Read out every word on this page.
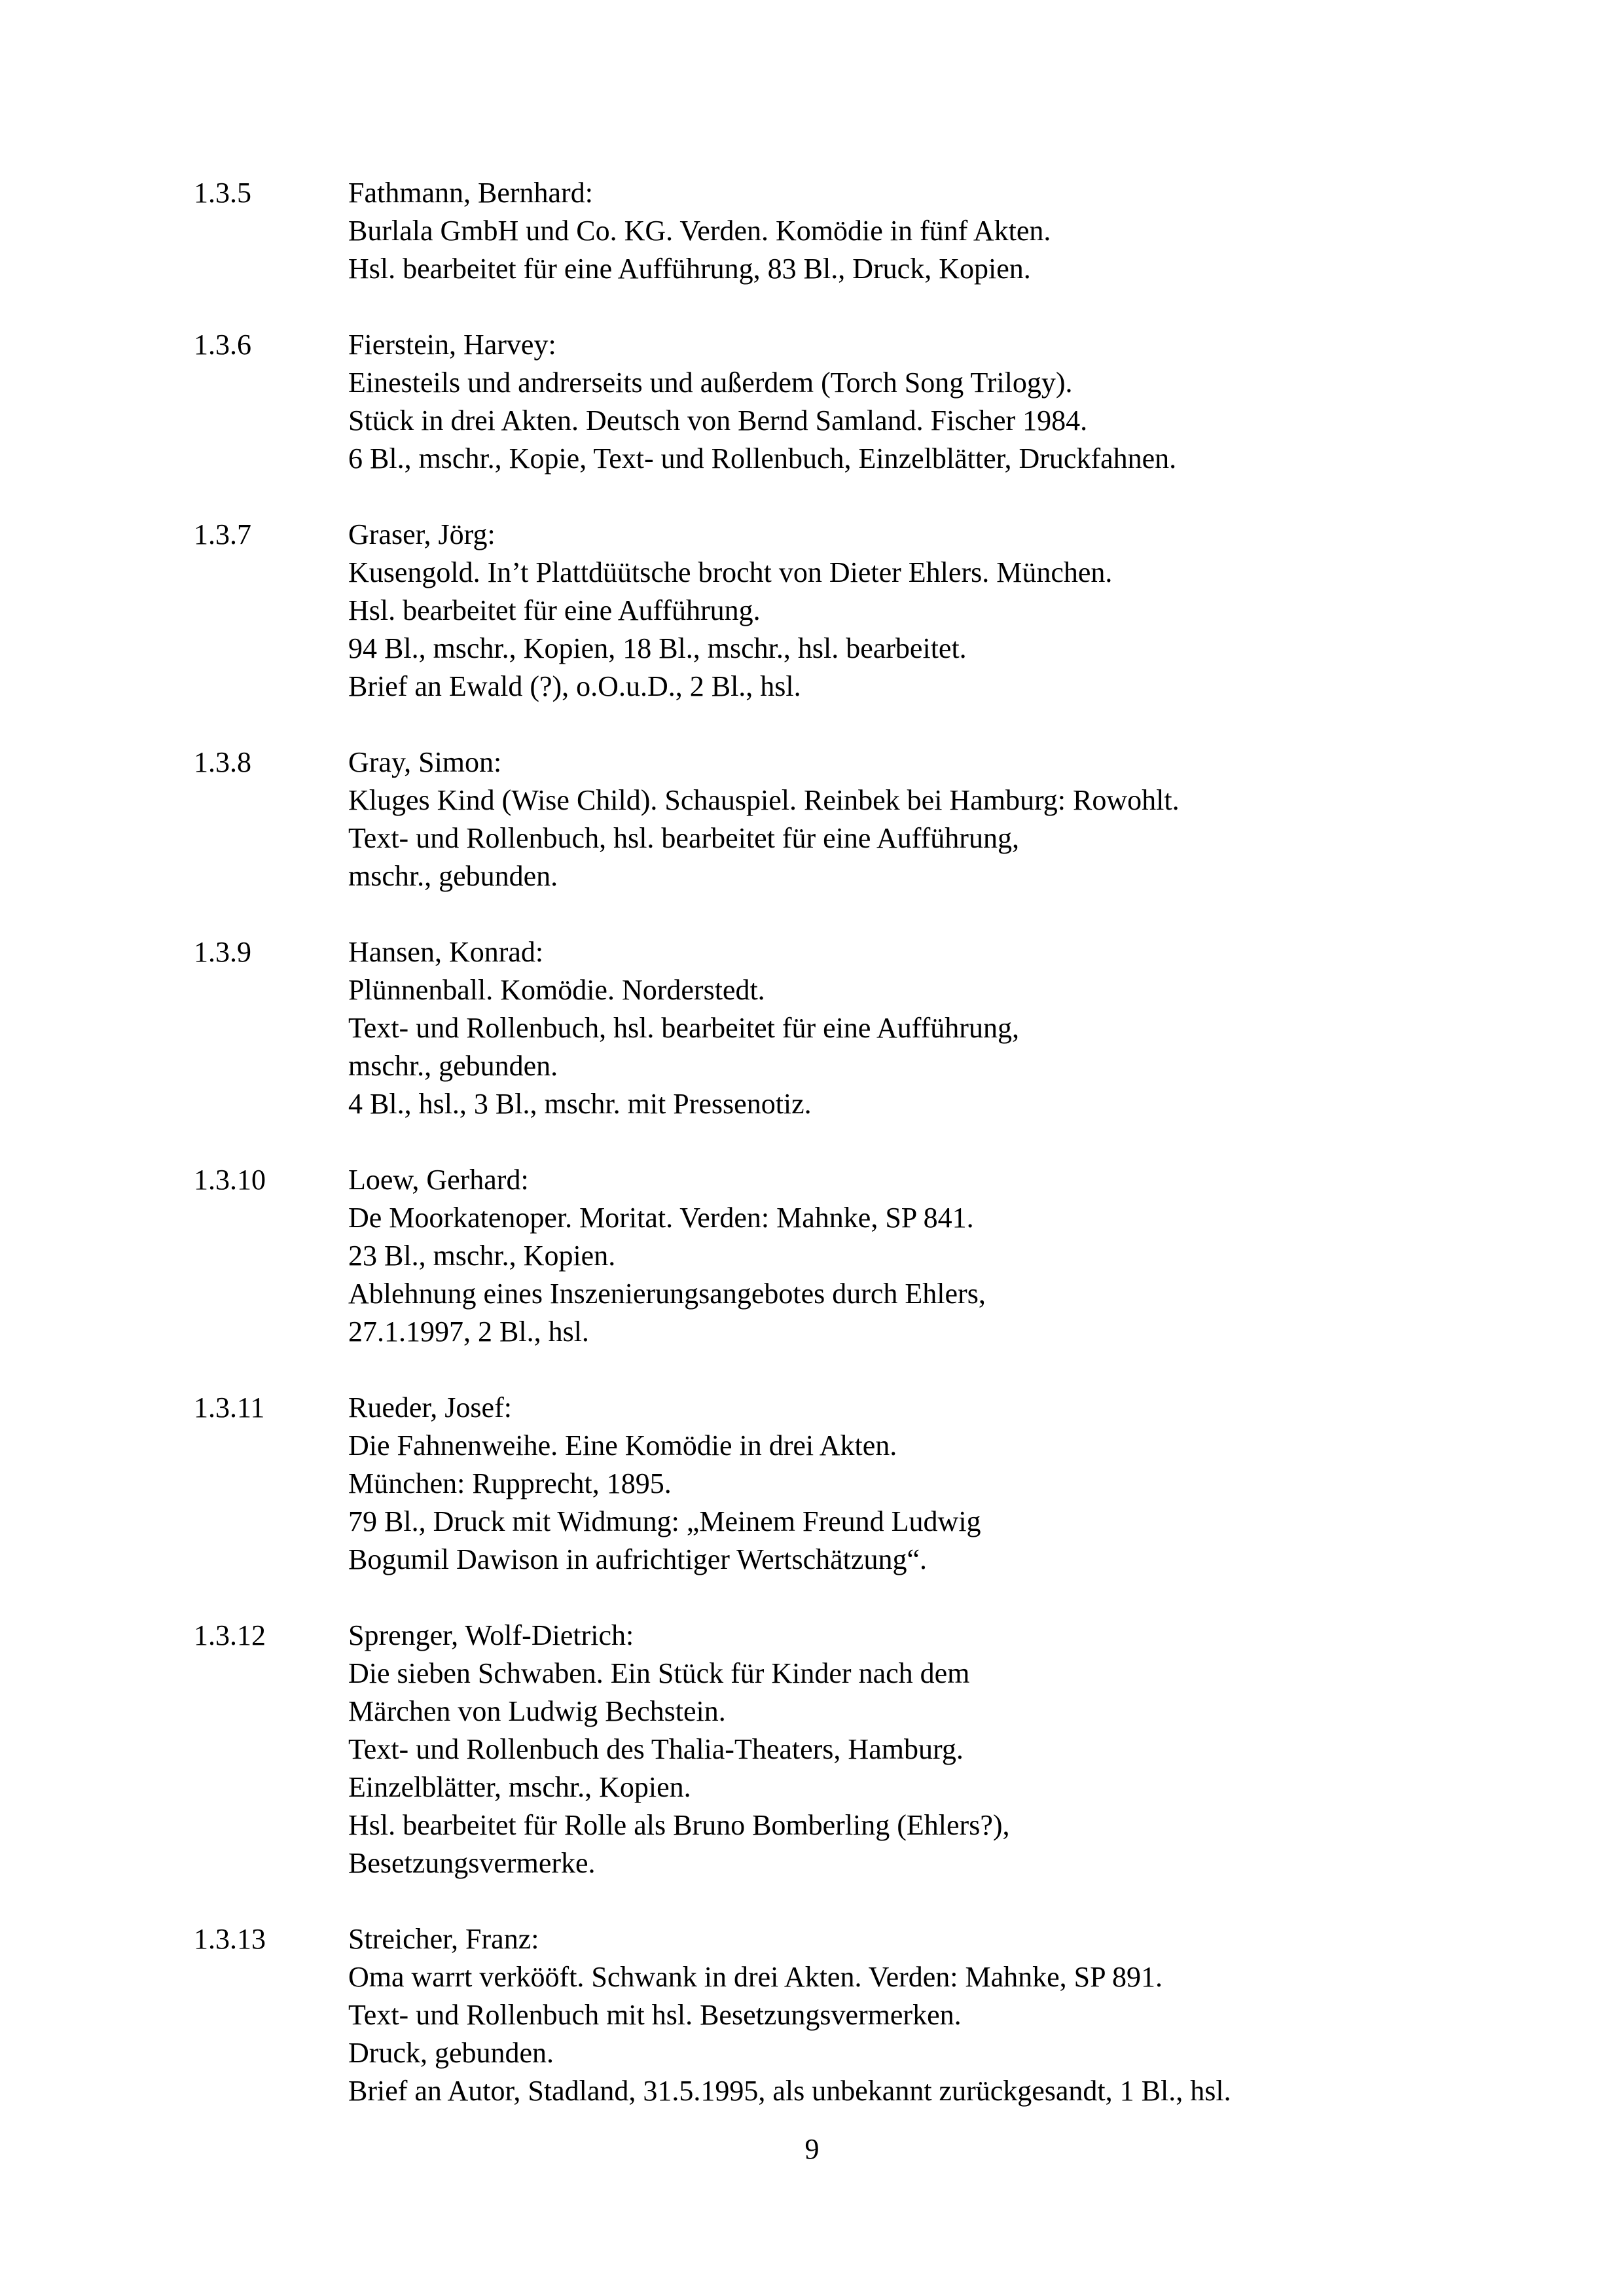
1.3.5	Fathmann, Bernhard:
Burlala GmbH und Co. KG. Verden. Komödie in fünf Akten.
Hsl. bearbeitet für eine Aufführung, 83 Bl., Druck, Kopien.
1.3.6	Fierstein, Harvey:
Einesteils und andrerseits und außerdem (Torch Song Trilogy).
Stück in drei Akten. Deutsch von Bernd Samland. Fischer 1984.
6 Bl., mschr., Kopie, Text- und Rollenbuch, Einzelblätter, Druckfahnen.
1.3.7	Graser, Jörg:
Kusengold. In’t Plattdüütsche brocht von Dieter Ehlers. München.
Hsl. bearbeitet für eine Aufführung.
94 Bl., mschr., Kopien, 18 Bl., mschr., hsl. bearbeitet.
Brief an Ewald (?), o.O.u.D., 2 Bl., hsl.
1.3.8	Gray, Simon:
Kluges Kind (Wise Child). Schauspiel. Reinbek bei Hamburg: Rowohlt.
Text- und Rollenbuch, hsl. bearbeitet für eine Aufführung,
mschr., gebunden.
1.3.9	Hansen, Konrad:
Plünnenball. Komödie. Norderstedt.
Text- und Rollenbuch, hsl. bearbeitet für eine Aufführung,
mschr., gebunden.
4 Bl., hsl., 3 Bl., mschr. mit Pressenotiz.
1.3.10	Loew, Gerhard:
De Moorkatenoper. Moritat. Verden: Mahnke, SP 841.
23 Bl., mschr., Kopien.
Ablehnung eines Inszenierungsangebotes durch Ehlers,
27.1.1997, 2 Bl., hsl.
1.3.11	Rueder, Josef:
Die Fahnenweihe. Eine Komödie in drei Akten.
München: Rupprecht, 1895.
79 Bl., Druck mit Widmung: „Meinem Freund Ludwig
Bogumil Dawison in aufrichtiger Wertschätzung“.
1.3.12	Sprenger, Wolf-Dietrich:
Die sieben Schwaben. Ein Stück für Kinder nach dem
Märchen von Ludwig Bechstein.
Text- und Rollenbuch des Thalia-Theaters, Hamburg.
Einzelblätter, mschr., Kopien.
Hsl. bearbeitet für Rolle als Bruno Bomberling (Ehlers?),
Besetzungsvermerke.
1.3.13	Streicher, Franz:
Oma warrt verkööft. Schwank in drei Akten. Verden: Mahnke, SP 891.
Text- und Rollenbuch mit hsl. Besetzungsvermerken.
Druck, gebunden.
Brief an Autor, Stadland, 31.5.1995, als unbekannt zurückgesandt, 1 Bl., hsl.
9
